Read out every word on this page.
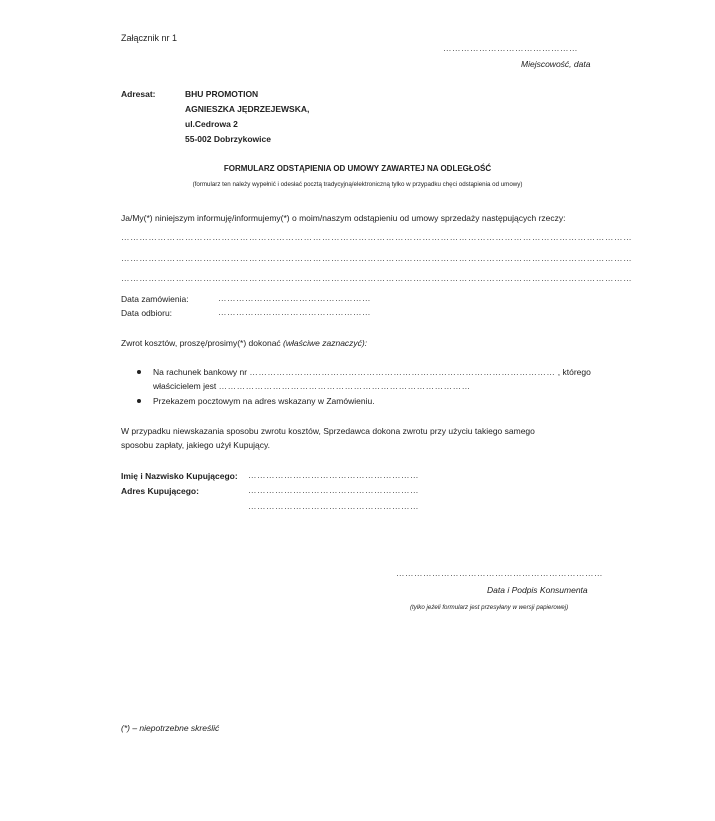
Załącznik nr 1
………………………………………
Miejscowość, data
Adresat:	BHU PROMOTION
AGNIESZKA JĘDRZEJEWSKA,
ul.Cedrowa 2
55-002 Dobrzykowice
FORMULARZ ODSTĄPIENIA OD UMOWY ZAWARTEJ NA ODLEGŁOŚĆ
(formularz ten należy wypełnić i odesłać pocztą tradycyjną/elektroniczną tylko w przypadku chęci odstąpienia od umowy)
Ja/My(*) niniejszym informuję/informujemy(*) o moim/naszym odstąpieniu od umowy sprzedaży następujących rzeczy:
……………………………………………………………………………………………………………………………………………………
……………………………………………………………………………………………………………………………………………………
……………………………………………………………………………………………………………………………………………………
Data zamówienia:	……………………………………………
Data odbioru:	……………………………………………
Zwrot kosztów, proszę/prosimy(*) dokonać (właściwe zaznaczyć):
Na rachunek bankowy nr ………………………………………………………………………………………… , którego
właścicielem jest …………………………………………………………………………
Przekazem pocztowym na adres wskazany w Zamówieniu.
W przypadku niewskazania sposobu zwrotu kosztów, Sprzedawca dokona zwrotu przy użyciu takiego samego
sposobu zapłaty, jakiego użył Kupujący.
Imię i Nazwisko Kupującego: …………………………………………………
Adres Kupującego:	…………………………………………………
…………………………………………………
……………………………………………………………
Data i Podpis Konsumenta
(tylko jeżeli formularz jest przesyłany w wersji papierowej)
(*) – niepotrzebne skreślić
